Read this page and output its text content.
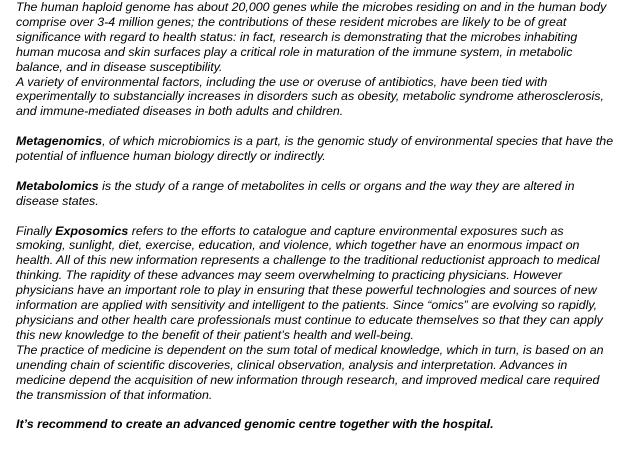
The human haploid genome has about 20,000 genes while the microbes residing on and in the human body comprise over 3-4 million genes; the contributions of these resident microbes are likely to be of great significance with regard to health status: in fact, research is demonstrating that the microbes inhabiting human mucosa and skin surfaces play a critical role in maturation of the immune system, in metabolic balance, and in disease susceptibility.

A variety of environmental factors, including the use or overuse of antibiotics, have been tied with experimentally to substancially increases in disorders such as obesity, metabolic syndrome atherosclerosis, and immune-mediated diseases in both adults and children.

Metagenomics, of which microbiomics is a part, is the genomic study of environmental species that have the potential of influence human biology directly or indirectly.

Metabolomics is the study of a range of metabolites in cells or organs and the way they are altered in disease states.

Finally Exposomics refers to the efforts to catalogue and capture environmental exposures such as smoking, sunlight, diet, exercise, education, and violence, which together have an enormous impact on health. All of this new information represents a challenge to the traditional reductionist approach to medical thinking. The rapidity of these advances may seem overwhelming to practicing physicians. However physicians have an important role to play in ensuring that these powerful technologies and sources of new information are applied with sensitivity and intelligent to the patients. Since “omics” are evolving so rapidly, physicians and other health care professionals must continue to educate themselves so that they can apply this new knowledge to the benefit of their patient’s health and well-being.

The practice of medicine is dependent on the sum total of medical knowledge, which in turn, is based on an unending chain of scientific discoveries, clinical observation, analysis and interpretation. Advances in medicine depend the acquisition of new information through research, and improved medical care required the transmission of that information.

It’s recommend to create an advanced genomic centre together with the hospital.
